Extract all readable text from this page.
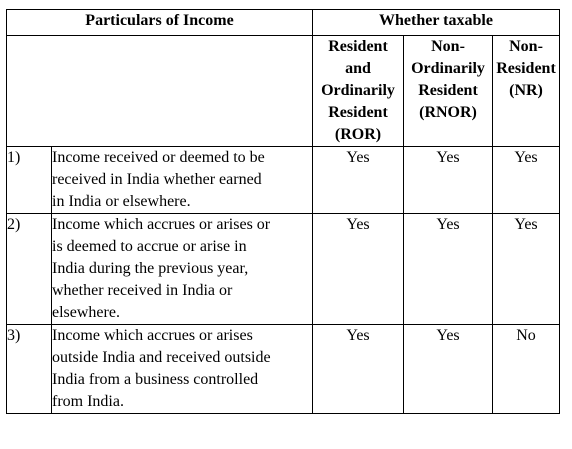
Particulars of Income		Whether taxable		
		Resident
and
Ordinarily
Resident
(ROR)	Non-
Ordinarily
Resident
(RNOR)	Non-
Resident
(NR)
1)	Income received or deemed to be
received in India whether earned
in India or elsewhere.	Yes	Yes	Yes
2)	Income which accrues or arises or
is deemed to accrue or arise in
India during the previous year,
whether received in India or
elsewhere.	Yes	Yes	Yes
3)	Income which accrues or arises
outside India and received outside
India from a business controlled
from India.	Yes	Yes	No
